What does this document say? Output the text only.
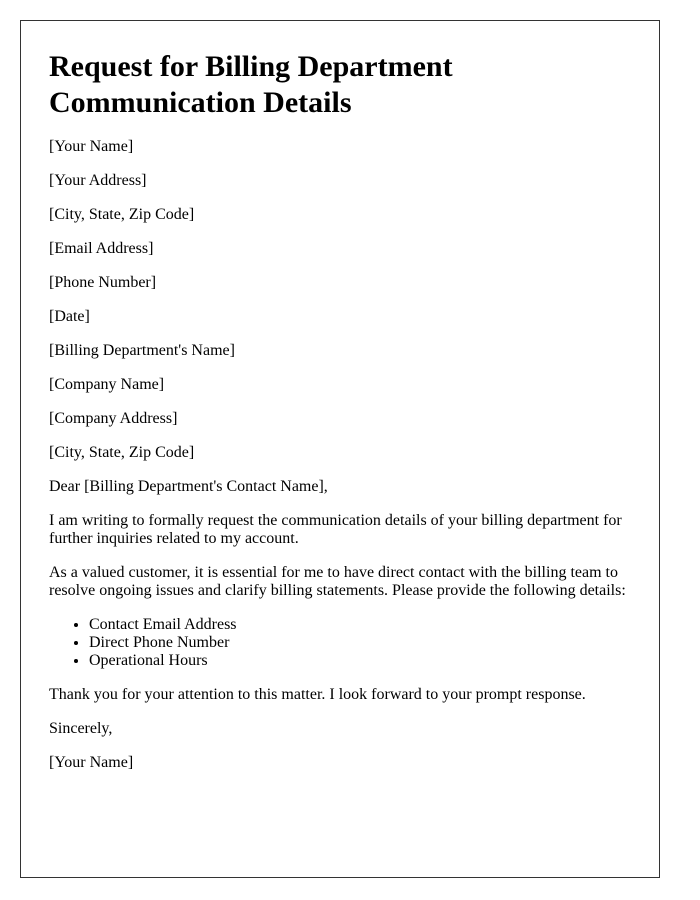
Request for Billing Department Communication Details

[Your Name]

[Your Address]

[City, State, Zip Code]

[Email Address]

[Phone Number]

[Date]

[Billing Department's Name]

[Company Name]

[Company Address]

[City, State, Zip Code]

Dear [Billing Department's Contact Name],

I am writing to formally request the communication details of your billing department for further inquiries related to my account.

As a valued customer, it is essential for me to have direct contact with the billing team to resolve ongoing issues and clarify billing statements. Please provide the following details:

• Contact Email Address
• Direct Phone Number
• Operational Hours

Thank you for your attention to this matter. I look forward to your prompt response.

Sincerely,

[Your Name]
